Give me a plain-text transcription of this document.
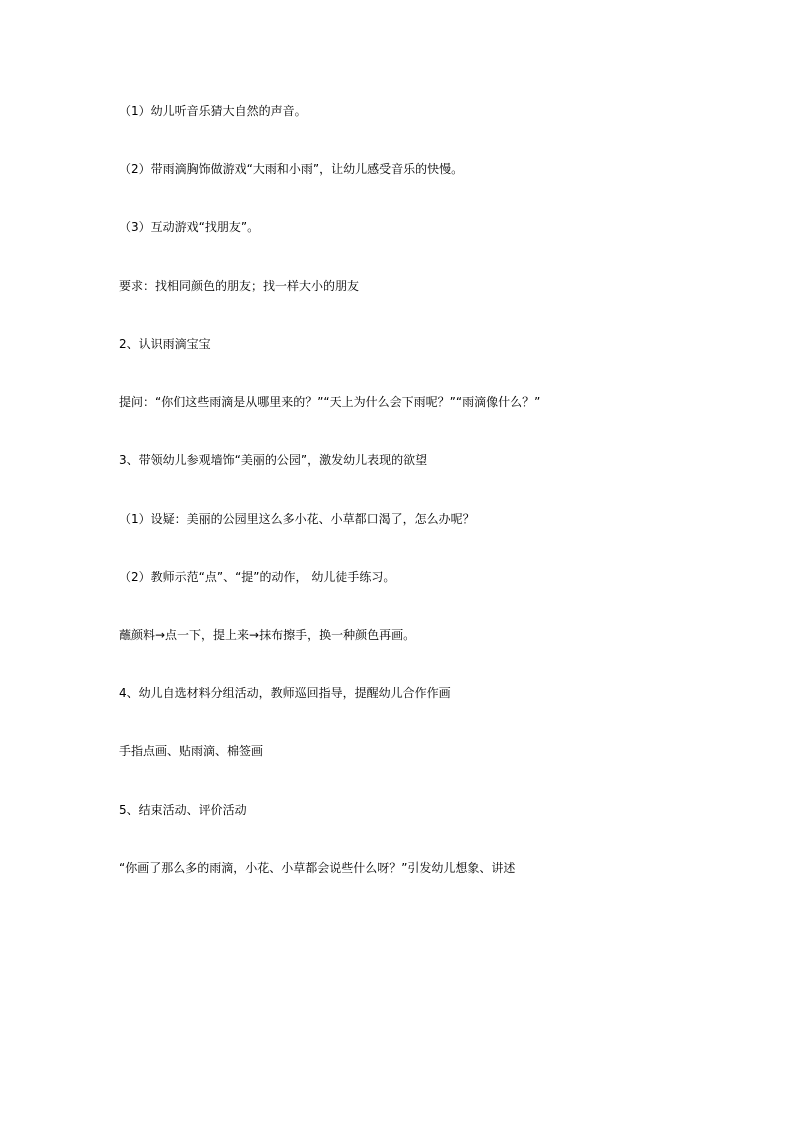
（1）幼儿听音乐猜大自然的声音。
（2）带雨滴胸饰做游戏“大雨和小雨”，让幼儿感受音乐的快慢。
（3）互动游戏“找朋友”。
要求：找相同颜色的朋友；找一样大小的朋友
2、认识雨滴宝宝
提问：“你们这些雨滴是从哪里来的？”“天上为什么会下雨呢？”“雨滴像什么？”
3、带领幼儿参观墙饰“美丽的公园”，激发幼儿表现的欲望
（1）设疑：美丽的公园里这么多小花、小草都口渴了，怎么办呢？
（2）教师示范“点”、“提”的动作， 幼儿徒手练习。
蘸颜料→点一下，提上来→抹布擦手，换一种颜色再画。
4、幼儿自选材料分组活动，教师巡回指导，提醒幼儿合作作画
手指点画、贴雨滴、棉签画
5、结束活动、评价活动
“你画了那么多的雨滴，小花、小草都会说些什么呀？”引发幼儿想象、讲述
